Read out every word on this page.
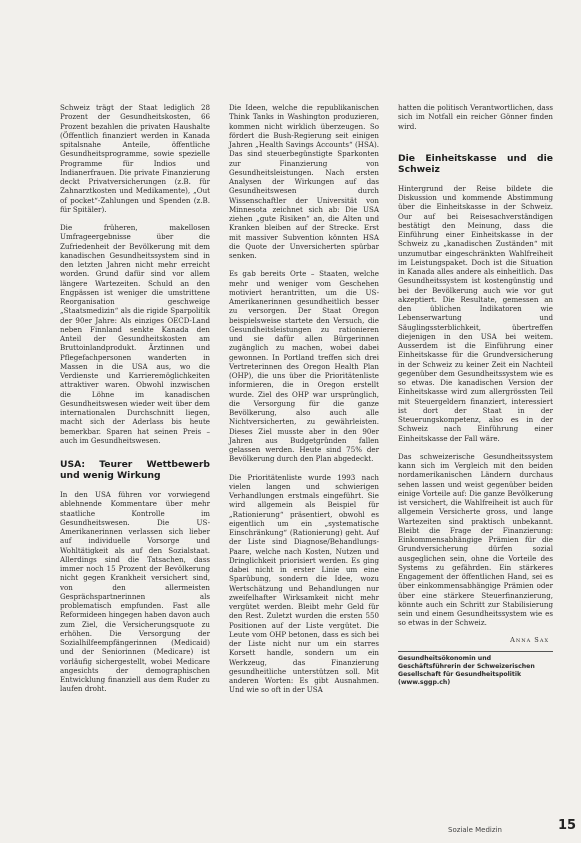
Schweiz trägt der Staat lediglich 28 Prozent der Gesundheitskosten, 66 Prozent bezahlen die privaten Haushalte (Öffentlich finanziert werden in Kanada spitalsnahe Anteile, öffentliche Gesundheitsprogramme, sowie spezielle Programme für Indios und Indianerfrauen. Die private Finanzierung deckt Privatversicherungen (z.B. für Zahnarztkosten und Medikamente), „Out of pocket“-Zahlungen und Spenden (z.B. für Spitäler).

Die früheren, makellosen Umfrageergebnisse über die Zufriedenheit der Bevölkerung mit dem kanadischen Gesundheitssystem sind in den letzten Jahren nicht mehr erreicht worden. Grund dafür sind vor allem längere Wartezeiten. Schuld an den Engpässen ist weniger die umstrittene Reorganisation geschweige „Staatsmedizin“ als die rigide Sparpolitik der 90er Jahre: Als einziges OECD-Land neben Finnland senkte Kanada den Anteil der Gesundheitskosten am Bruttoinlandprodukt. Ärztinnen und Pflegefachpersonen wanderten in Massen in die USA aus, wo die Verdienste und Karrieremöglichkeiten attraktiver waren. Obwohl inzwischen die Löhne im kanadischen Gesundheitswesen wieder weit über dem internationalen Durchschnitt liegen, macht sich der Aderlass bis heute bemerkbar. Sparen hat seinen Preis – auch im Gesundheitswesen.

USA: Teurer Wettbewerb und wenig Wirkung

In den USA führen vor vorwiegend ablehnende Kommentare über mehr staatliche Kontrolle im Gesundheitswesen. Die US-Amerikanerinnen verlassen sich lieber auf individuelle Vorsorge und Wohltätigkeit als auf den Sozialstaat. Allerdings sind die Tatsachen, dass immer noch 15 Prozent der Bevölkerung nicht gegen Krankheit versichert sind, von den allermeisten Gesprächspartnerinnen als problematisch empfunden. Fast alle Reformideen hingegen haben davon auch zum Ziel, die Versicherungsquote zu erhöhen. Die Versorgung der Sozialhilfeempfängerinnen (Medicaid) und der Seniorinnen (Medicare) ist vorläufig sichergestellt, wobei Medicare angesichts der demographischen Entwicklung finanziell aus dem Ruder zu laufen droht.

Die Ideen, welche die republikanischen Think Tanks in Washington produzieren, kommen nicht wirklich überzeugen. So fördert die Bush-Regierung seit einigen Jahren „Health Savings Accounts“ (HSA). Das sind steuerbegünstigte Sparkonten zur Finanzierung von Gesundheitsleistungen. Nach ersten Analysen der Wirkungen auf das Gesundheitswesen durch Wissenschaftler der Universität von Minnesota zeichnet sich ab: Die USA ziehen „gute Risiken“ an, die Alten und Kranken bleiben auf der Strecke. Erst mit massiver Subvention könnten HSA die Quote der Unversicherten spürbar senken.

Es gab bereits Orte – Staaten, welche mehr und weniger vom Geschehen motiviert herantritten, um die US-Amerikanerinnen gesundheitlich besser zu versorgen. Der Staat Oregon beispielsweise startete den Versuch, die Gesundheitsleistungen zu rationieren und sie dafür allen Bürgerinnen zugänglich zu machen, wobei dabei gewonnen. In Portland treffen sich drei Vertreterinnen des Oregon Health Plan (OHP), die uns über die Prioritätenliste informieren, die in Oregon erstellt wurde. Ziel des OHP war ursprünglich, die Versorgung für die ganze Bevölkerung, also auch alle Nichtversicherten, zu gewährleisten. Dieses Ziel musste aber in den 90er Jahren aus Budgetgründen fallen gelassen werden. Heute sind 75% der Bevölkerung durch den Plan abgedeckt.

Die Prioritätenliste wurde 1993 nach vielen langen und schwierigen Verhandlungen erstmals eingeführt. Sie wird allgemein als Beispiel für „Rationierung“ präsentiert, obwohl es eigentlich um ein „systematische Einschränkung“ (Rationierung) geht. Auf der Liste sind Diagnose/Behandlungs-Paare, welche nach Kosten, Nutzen und Dringlichkeit priorisiert werden. Es ging dabei nicht in erster Linie um eine Sparübung, sondern die Idee, wozu Wertschätzung und Behandlungen nur zweifelhafter Wirksamkeit nicht mehr vergütet werden. Bleibt mehr Geld für den Rest. Zuletzt wurden die ersten 550 Positionen auf der Liste vergütet. Die Leute vom OHP betonen, dass es sich bei der Liste nicht nur um ein starres Korsett handle, sondern um ein Werkzeug, das Finanzierung gesundheitliche unterstützen soll. Mit anderen Worten: Es gibt Ausnahmen. Und wie so oft in der USA

hatten die politisch Verantwortlichen, dass sich im Notfall ein reicher Gönner finden wird.

Die Einheitskasse und die Schweiz

Hintergrund der Reise bildete die Diskussion und kommende Abstimmung über die Einheitskasse in der Schweiz. Our auf bei Reisesachverständigen bestätigt den Meinung, dass die Einführung einer Einheitskasse in der Schweiz zu „kanadischen Zuständen“ mit unzumutbar eingeschränkten Wahlfreiheit im Leistungspaket. Doch ist die Situation in Kanada alles andere als einheitlich. Das Gesundheitssystem ist kostengünstig und bei der Bevölkerung auch wie vor gut akzeptiert. Die Resultate, gemessen an den üblichen Indikatoren wie Lebenserwartung und Säuglingssterblichkeit, übertreffen diejenigen in den USA bei weitem. Ausserdem ist die Einführung einer Einheitskasse für die Grundversicherung in der Schweiz zu keiner Zeit ein Nachteil gegenüber dem Gesundheitssystem wie es so etwas. Die kanadischen Version der Einheitskasse wird zum allergrössten Teil mit Steuergeldern finanziert, interessiert ist dort der Staat in der Steuerungskompetenz, also es in der Schweiz nach Einführung einer Einheitskasse der Fall wäre.

Das schweizerische Gesundheitssystem kann sich im Vergleich mit den beiden nordamerikanischen Ländern durchaus sehen lassen und weist gegenüber beiden einige Vorteile auf: Die ganze Bevölkerung ist versichert, die Wahlfreiheit ist auch für allgemein Versicherte gross, und lange Wartezeiten sind praktisch unbekannt. Bleibt die Frage der Finanzierung: Einkommensabhängige Prämien für die Grundversicherung dürfen sozial ausgeglichen sein, ohne die Vorteile des Systems zu gefährden. Ein stärkeres Engagement der öffentlichen Hand, sei es über einkommensabhängige Prämien oder über eine stärkere Steuerfinanzierung, könnte auch ein Schritt zur Stabilisierung sein und einem Gesundheitssystem wie es so etwas in der Schweiz.

Anna Sax
Gesundheitsökonomin und Geschäftsführerin der Schweizerischen Gesellschaft für Gesundheitspolitik (www.sggp.ch)
Soziale Medizin	15
